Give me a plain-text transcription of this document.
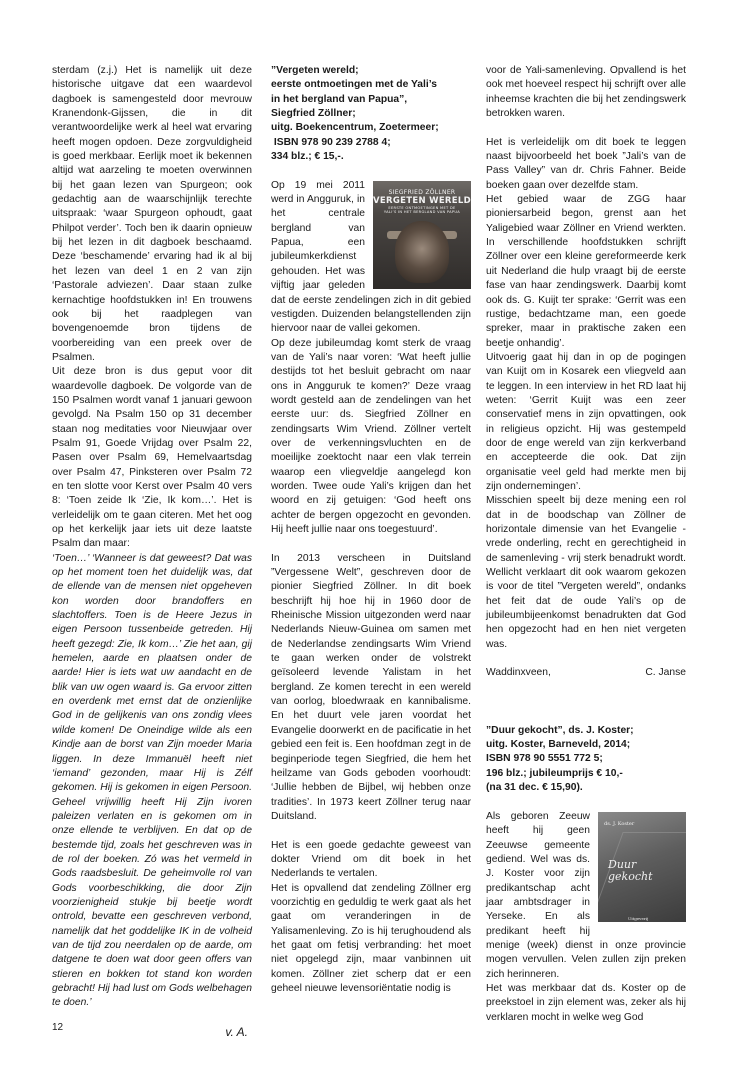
sterdam (z.j.) Het is namelijk uit deze historische uitgave dat een waardevol dagboek is samengesteld door mevrouw Kranendonk-Gijssen, die in dit verantwoordelijke werk al heel wat ervaring heeft mogen opdoen. Deze zorgvuldigheid is goed merkbaar. Eerlijk moet ik bekennen altijd wat aarzeling te moeten overwinnen bij het gaan lezen van Spurgeon; ook gedachtig aan de waarschijnlijk terechte uitspraak: ‘waar Spurgeon ophoudt, gaat Philpot verder’. Toch ben ik daarin opnieuw bij het lezen in dit dagboek beschaamd. Deze ‘beschamende’ ervaring had ik al bij het lezen van deel 1 en 2 van zijn ‘Pastorale adviezen’. Daar staan zulke kernachtige hoofdstukken in! En trouwens ook bij het raadplegen van bovengenoemde bron tijdens de voorbereiding van een preek over de Psalmen.

Uit deze bron is dus geput voor dit waardevolle dagboek. De volgorde van de 150 Psalmen wordt vanaf 1 januari gewoon gevolgd. Na Psalm 150 op 31 december staan nog meditaties voor Nieuwjaar over Psalm 91, Goede Vrijdag over Psalm 22, Pasen over Psalm 69, Hemelvaartsdag over Psalm 47, Pinksteren over Psalm 72 en ten slotte voor Kerst over Psalm 40 vers 8: ‘Toen zeide Ik ‘Zie, Ik kom…’. Het is verleidelijk om te gaan citeren. Met het oog op het kerkelijk jaar iets uit deze laatste Psalm dan maar:

‘Toen…’ ‘Wanneer is dat geweest? Dat was op het moment toen het duidelijk was, dat de ellende van de mensen niet opgeheven kon worden door brandoffers en slachtoffers. Toen is de Heere Jezus in eigen Persoon tussenbeide getreden. Hij heeft gezegd: Zie, Ik kom…’ Zie het aan, gij hemelen, aarde en plaatsen onder de aarde! Hier is iets wat uw aandacht en de blik van uw ogen waard is. Ga ervoor zitten en overdenk met ernst dat de onzienlijke God in de gelijkenis van ons zondig vlees wilde komen! De Oneindige wilde als een Kindje aan de borst van Zijn moeder Maria liggen. In deze Immanuël heeft niet ‘iemand’ gezonden, maar Hij is Zélf gekomen. Hij is gekomen in eigen Persoon. Geheel vrijwillig heeft Hij Zijn ivoren paleizen verlaten en is gekomen om in onze ellende te verblijven. En dat op de bestemde tijd, zoals het geschreven was in de rol der boeken. Zó was het vermeld in Gods raadsbesluit. De geheimvolle rol van Gods voorbeschikking, die door Zijn voorzienigheid stukje bij beetje wordt ontrold, bevatte een geschreven verbond, namelijk dat het goddelijke IK in de volheid van de tijd zou neerdalen op de aarde, om datgene te doen wat door geen offers van stieren en bokken tot stand kon worden gebracht! Hij had lust om Gods welbehagen te doen.’

v. A.

”Vergeten wereld;
eerste ontmoetingen met de Yali’s
in het bergland van Papua”,
Siegfried Zöllner;
uitg. Boekencentrum, Zoetermeer;
ISBN 978 90 239 2788 4;
334 blz.; € 15,-.

SIEGFRIED ZÖLLNER
VERGETEN WERELD
EERSTE ONTMOETINGEN MET DE YALI’S IN HET BERGLAND VAN PAPUA
Op 19 mei 2011 werd in Angguruk, in het centrale bergland van Papua, een jubileumkerkdienst gehouden. Het was vijftig jaar geleden dat de eerste zendelingen zich in dit gebied vestigden. Duizenden belangstellenden zijn hiervoor naar de vallei gekomen.

Op deze jubileumdag komt sterk de vraag van de Yali’s naar voren: ‘Wat heeft jullie destijds tot het besluit gebracht om naar ons in Angguruk te komen?’ Deze vraag wordt gesteld aan de zendelingen van het eerste uur: ds. Siegfried Zöllner en zendingsarts Wim Vriend. Zöllner vertelt over de verkenningsvluchten en de moeilijke zoektocht naar een vlak terrein waarop een vliegveldje aangelegd kon worden. Twee oude Yali’s krijgen dan het woord en zij getuigen: ‘God heeft ons achter de bergen opgezocht en gevonden. Hij heeft jullie naar ons toegestuurd’.

In 2013 verscheen in Duitsland ”Vergessene Welt”, geschreven door de pionier Siegfried Zöllner. In dit boek beschrijft hij hoe hij in 1960 door de Rheinische Mission uitgezonden werd naar Nederlands Nieuw-Guinea om samen met de Nederlandse zendingsarts Wim Vriend te gaan werken onder de volstrekt geïsoleerd levende Yalistam in het bergland. Ze komen terecht in een wereld van oorlog, bloedwraak en kannibalisme. En het duurt vele jaren voordat het Evangelie doorwerkt en de pacificatie in het gebied een feit is. Een hoofdman zegt in de beginperiode tegen Siegfried, die hem het heilzame van Gods geboden voorhoudt: ‘Jullie hebben de Bijbel, wij hebben onze tradities’. In 1973 keert Zöllner terug naar Duitsland.

Het is een goede gedachte geweest van dokter Vriend om dit boek in het Nederlands te vertalen.

Het is opvallend dat zendeling Zöllner erg voorzichtig en geduldig te werk gaat als het gaat om veranderingen in de Yalisamenleving. Zo is hij terughoudend als het gaat om fetisj verbranding: het moet niet opgelegd zijn, maar vanbinnen uit komen. Zöllner ziet scherp dat er een geheel nieuwe levensoriëntatie nodig is

voor de Yali-samenleving. Opvallend is het ook met hoeveel respect hij schrijft over alle inheemse krachten die bij het zendingswerk betrokken waren.

Het is verleidelijk om dit boek te leggen naast bijvoorbeeld het boek ”Jali’s van de Pass Valley” van dr. Chris Fahner. Beide boeken gaan over dezelfde stam.

Het gebied waar de ZGG haar pioniersarbeid begon, grenst aan het Yaligebied waar Zöllner en Vriend werkten. In verschillende hoofdstukken schrijft Zöllner over een kleine gereformeerde kerk uit Nederland die hulp vraagt bij de eerste fase van haar zendingswerk. Daarbij komt ook ds. G. Kuijt ter sprake: ‘Gerrit was een rustige, bedachtzame man, een goede spreker, maar in praktische zaken een beetje onhandig’.

Uitvoerig gaat hij dan in op de pogingen van Kuijt om in Kosarek een vliegveld aan te leggen. In een interview in het RD laat hij weten: ‘Gerrit Kuijt was een zeer conservatief mens in zijn opvattingen, ook in religieus opzicht. Hij was gestempeld door de enge wereld van zijn kerkverband en accepteerde die ook. Dat zijn organisatie veel geld had merkte men bij zijn ondernemingen’.

Misschien speelt bij deze mening een rol dat in de boodschap van Zöllner de horizontale dimensie van het Evangelie - vrede onderling, recht en gerechtigheid in de samenleving - vrij sterk benadrukt wordt. Wellicht verklaart dit ook waarom gekozen is voor de titel ”Vergeten wereld”, ondanks het feit dat de oude Yali’s op de jubileumbijeenkomst benadrukten dat God hen opgezocht had en hen niet vergeten was.

Waddinxveen,	C. Janse

”Duur gekocht”, ds. J. Koster;
uitg. Koster, Barneveld, 2014;
ISBN 978 90 5551 772 5;
196 blz.; jubileumprijs € 10,-
(na 31 dec. € 15,90).

ds. J. Koster
Duur
gekocht
Uitgeverij
Als geboren Zeeuw heeft hij geen Zeeuwse gemeente gediend. Wel was ds. J. Koster voor zijn predikantschap acht jaar ambtsdrager in Yerseke. En als predikant heeft hij menige (week) dienst in onze provincie mogen vervullen. Velen zullen zijn preken zich herinneren.

Het was merkbaar dat ds. Koster op de preekstoel in zijn element was, zeker als hij verklaren mocht in welke weg God

12
